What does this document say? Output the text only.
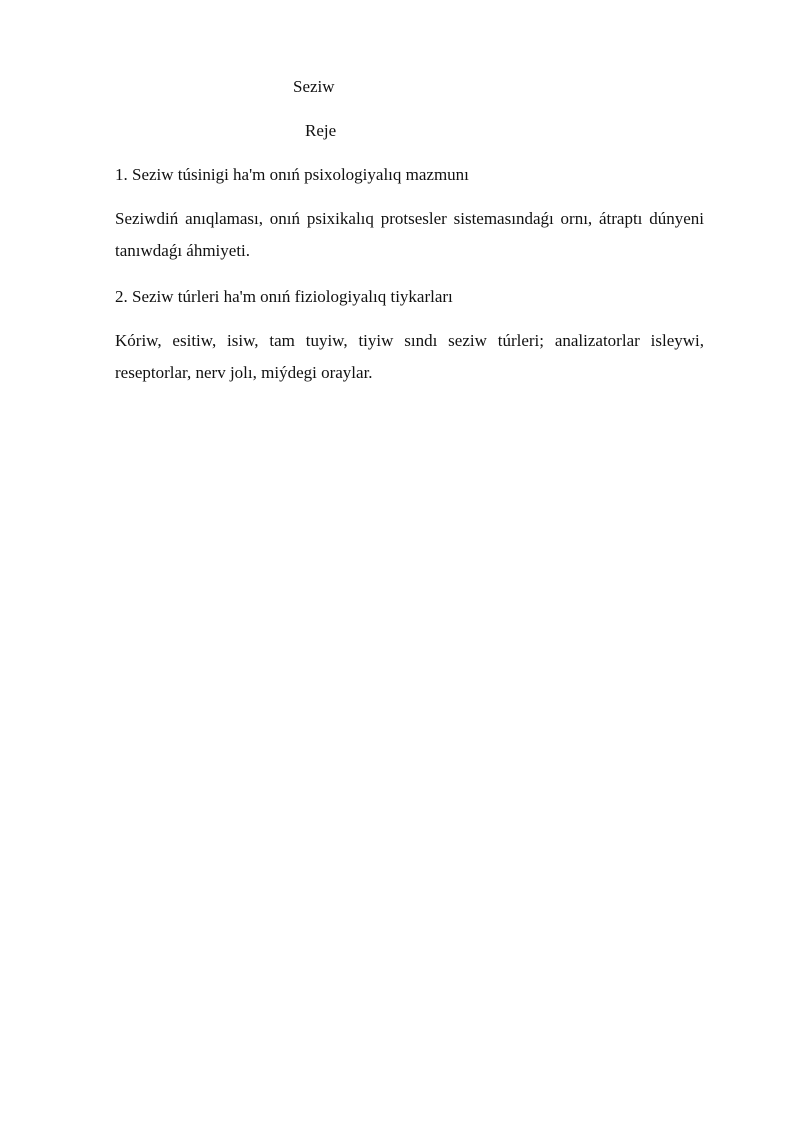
Seziw

Reje

1. Seziw túsinigi ha'm onıń psixologiyalıq mazmunı

Seziwdiń anıqlaması, onıń psixikalıq protsesler sistemasındaǵı ornı, átraptı dúnyeni tanıwdaǵı áhmiyeti.

2. Seziw túrleri ha'm onıń fiziologiyalıq tiykarları

Kóriw, esitiw, isiw, tam tuyiw, tiyiw sındı seziw túrleri; analizatorlar isleywi, reseptorlar, nerv jolı, miýdegi oraylar.
